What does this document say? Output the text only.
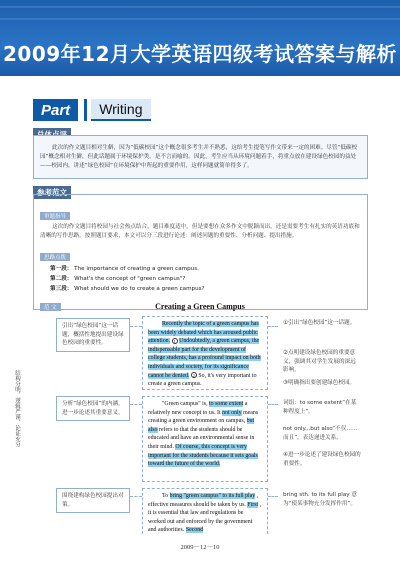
2009年12月大学英语四级考试答案与解析
Part	Writing
此次的作文题目相对生僻，因为“低碳校园”这个概念很多考生并不熟悉，这给考生提笔写作文带来一定的困难。尽管“低碳校园”概念相对生僻，但此话题属于环境保护类，是不言而喻的。因此，考生应当从环境问题着手，将重点放在建设绿色校园的益处——校园内，讲述“绿色校园”在环境保护中所起的重要作用，这样问题就简单得多了。
参考范文
审题指导

这次的作文题目将校园与社会热点结合，题目难度适中，但是要想在众多作文中脱颖而出，还是需要考生有扎实的英语功底和清晰的写作思路。按照题目要求，本文可以分三段进行论述：阐述问题的重要性、分析问题、提出措施。

思路点拨
第一段： The importance of creating a green campus.
第二段： What's the concept of "green campus"?
第三段： What should we do to create a green campus?
范 文	Creating a Green Campus
结构分明，逻辑严谨，论证充分
引出“绿色校园”这一话题，概括性地提出建设绿色校园的重要性。
分析“绿色校园”的内涵，进一步论述其重要意义。
围绕建构绿色校园提出对策。
Recently the topic of a green campus has been widely debated which has aroused public attention. 1 Undoubtedly, a green campus, the indispensable part for the development of college students, has a profound impact on both individuals and society, for its significance cannot be denied. 2 So, it's very important to create a green campus.
"Green campus" is, to some extent a relatively new concept to us. It not only means creating a green environment on campus, but also refers to that the students should be educated and have an environmental sense in their mind. Of course, this concept is very important for the students because it sets goals toward the future of the world.
To bring "green campus" to its full play , effective measures should be taken by us. First , it is essential that law and regulations be worked out and enforced by the government and authorities. Second
①引出“绿色校园”这一话题。
②点明建设绿色校园的重要意义，强调其对学生发展的深远影响。
③明确指出要创建绿色校园。
词组：to some extent“在某种程度上”。
not only...but also“不仅……而且”，表达递进关系。
④进一步论述了建设绿色校园的重要性。
bring sth. to its full play 意为“使某事物充分发挥作用”。
2009－12－10
